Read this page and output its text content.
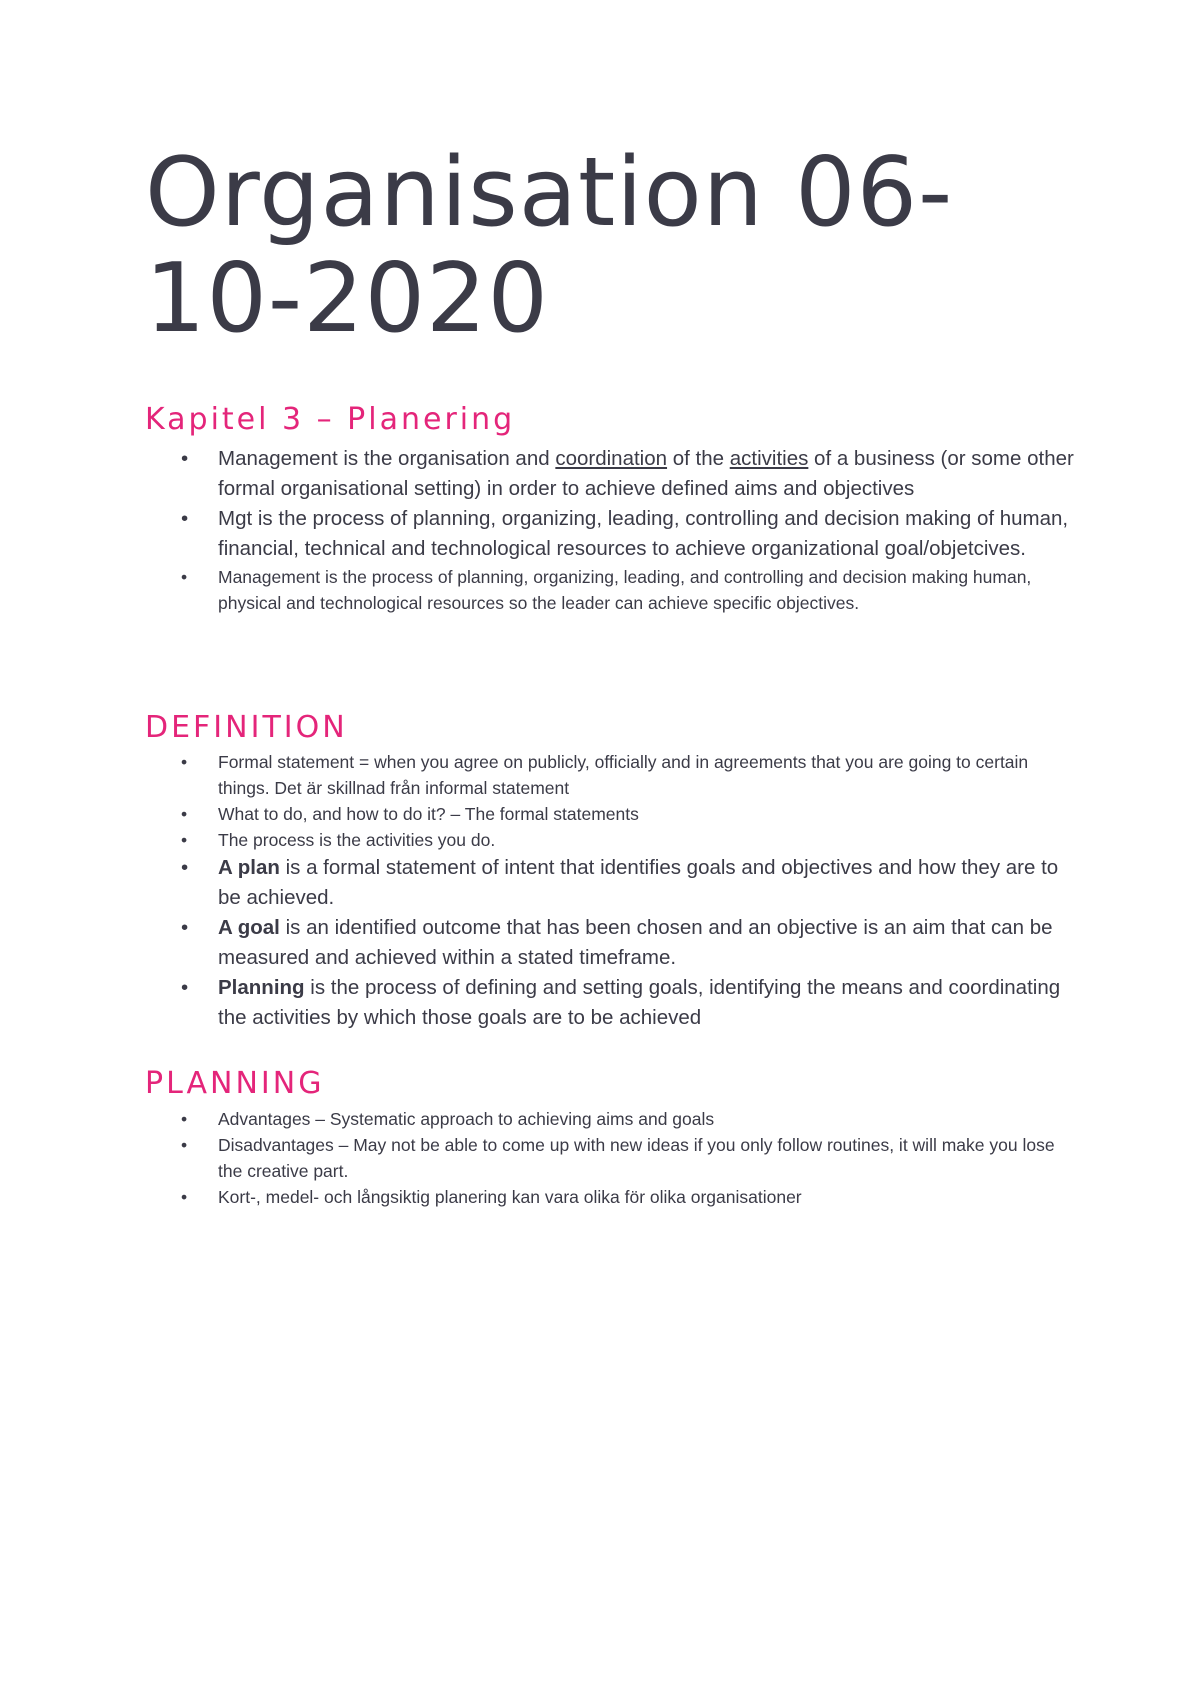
Organisation 06-10-2020
Kapitel 3 – Planering
• Management is the organisation and coordination of the activities of a business (or some other formal organisational setting) in order to achieve defined aims and objectives
• Mgt is the process of planning, organizing, leading, controlling and decision making of human, financial, technical and technological resources to achieve organizational goal/objetcives.
• Management is the process of planning, organizing, leading, and controlling and decision making human, physical and technological resources so the leader can achieve specific objectives.
DEFINITION
• Formal statement = when you agree on publicly, officially and in agreements that you are going to certain things. Det är skillnad från informal statement
• What to do, and how to do it? – The formal statements
• The process is the activities you do.
• A plan is a formal statement of intent that identifies goals and objectives and how they are to be achieved.
• A goal is an identified outcome that has been chosen and an objective is an aim that can be measured and achieved within a stated timeframe.
• Planning is the process of defining and setting goals, identifying the means and coordinating the activities by which those goals are to be achieved
PLANNING
• Advantages – Systematic approach to achieving aims and goals
• Disadvantages – May not be able to come up with new ideas if you only follow routines, it will make you lose the creative part.
• Kort-, medel- och långsiktig planering kan vara olika för olika organisationer
